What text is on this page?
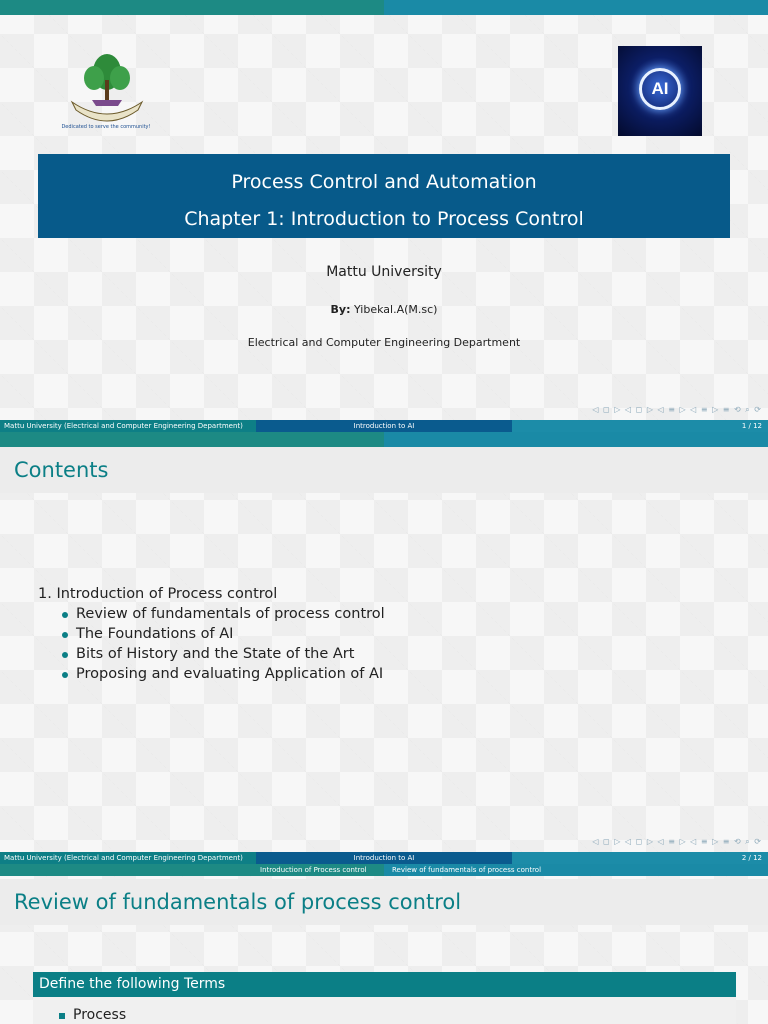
Dedicated to serve the community!
AI
Process Control and Automation
Chapter 1: Introduction to Process Control
Mattu University
By: Yibekal.A(M.sc)
Electrical and Computer Engineering Department
◁ ◻ ▷ ◁ ◻ ▷ ◁ ≡ ▷ ◁ ≡ ▷ ≡ ⟲ ⌕ ⟳
Mattu University (Electrical and Computer Engineering Department)	Introduction to AI	1 / 12
Contents
1. Introduction of Process control
Review of fundamentals of process control
The Foundations of AI
Bits of History and the State of the Art
Proposing and evaluating Application of AI
◁ ◻ ▷ ◁ ◻ ▷ ◁ ≡ ▷ ◁ ≡ ▷ ≡ ⟲ ⌕ ⟳
Mattu University (Electrical and Computer Engineering Department)	Introduction to AI	2 / 12
Introduction of Process control	Review of fundamentals of process control
Review of fundamentals of process control
Define the following Terms
Process
